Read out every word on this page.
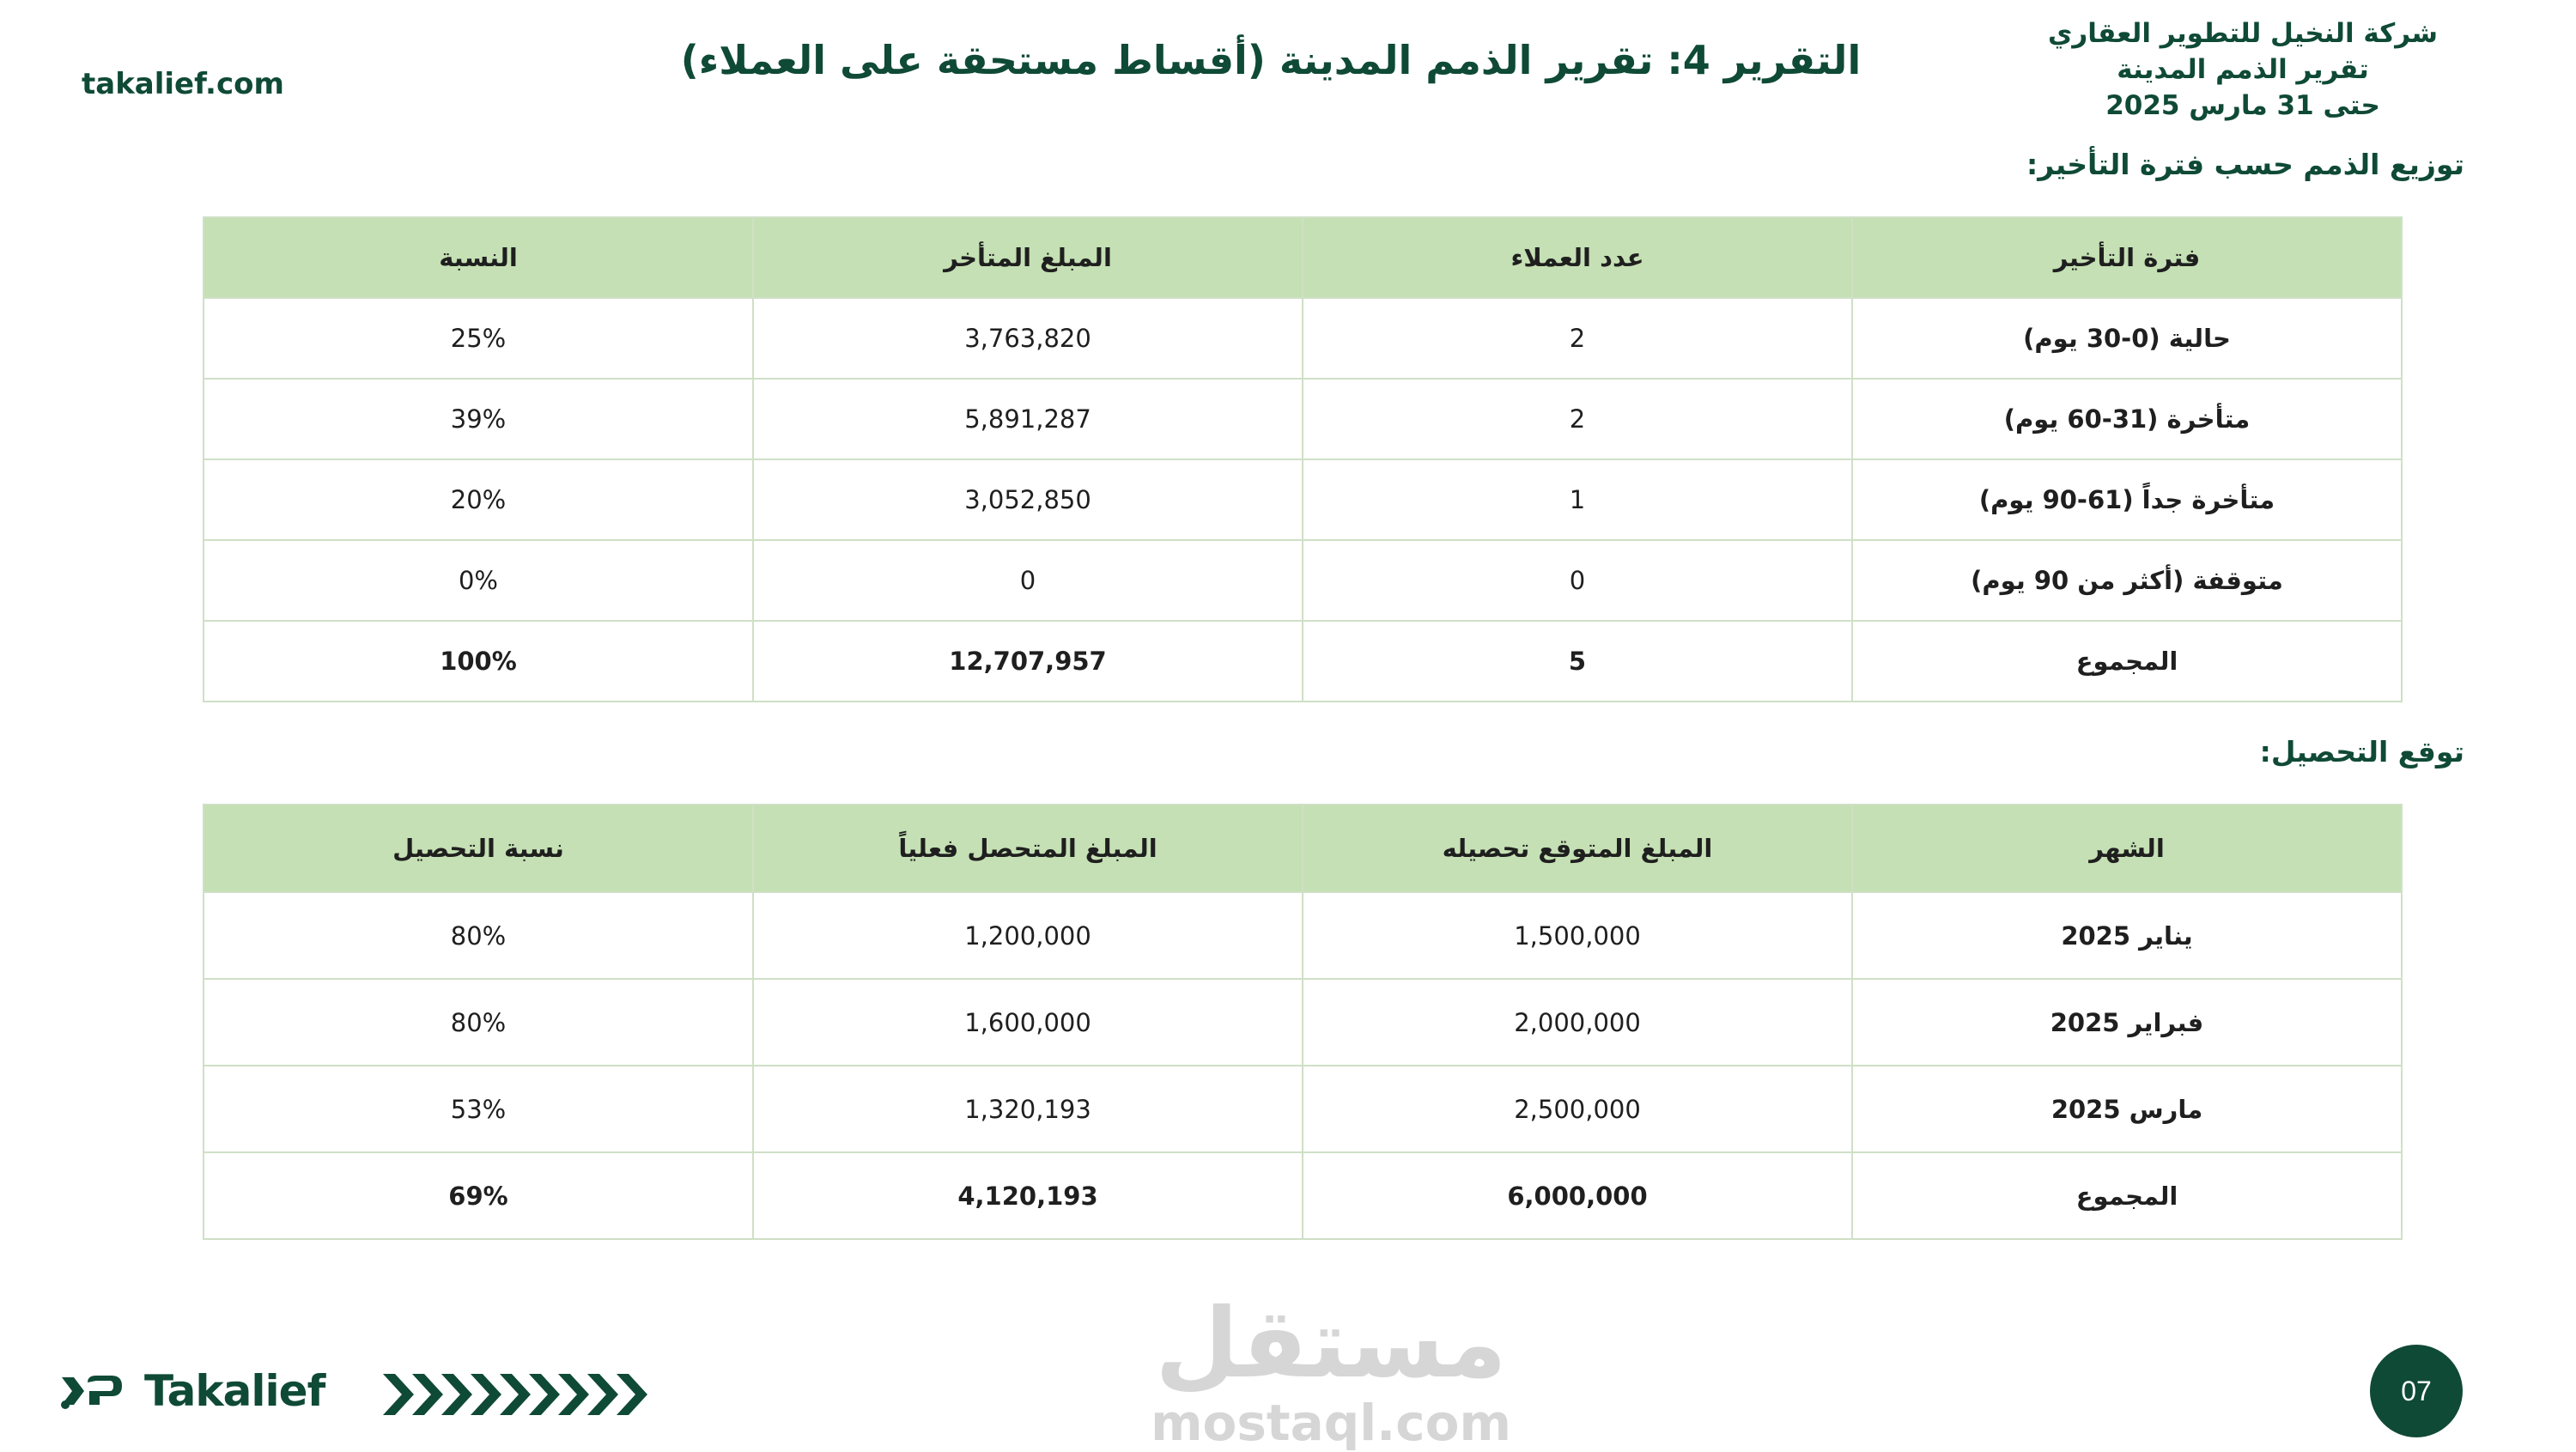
شركة النخيل للتطوير العقاري
تقرير الذمم المدينة
حتى 31 مارس 2025
التقرير 4: تقرير الذمم المدينة (أقساط مستحقة على العملاء)
takalief.com
توزيع الذمم حسب فترة التأخير:
فترة التأخير	عدد العملاء	المبلغ المتأخر	النسبة
حالية (0-30 يوم)	2	3,763,820	25%
متأخرة (31-60 يوم)	2	5,891,287	39%
متأخرة جداً (61-90 يوم)	1	3,052,850	20%
متوقفة (أكثر من 90 يوم)	0	0	0%
المجموع	5	12,707,957	100%
توقع التحصيل:
الشهر	المبلغ المتوقع تحصيله	المبلغ المتحصل فعلياً	نسبة التحصيل
يناير 2025	1,500,000	1,200,000	80%
فبراير 2025	2,000,000	1,600,000	80%
مارس 2025	2,500,000	1,320,193	53%
المجموع	6,000,000	4,120,193	69%
Takalief	مستقل
mostaql.com
07
